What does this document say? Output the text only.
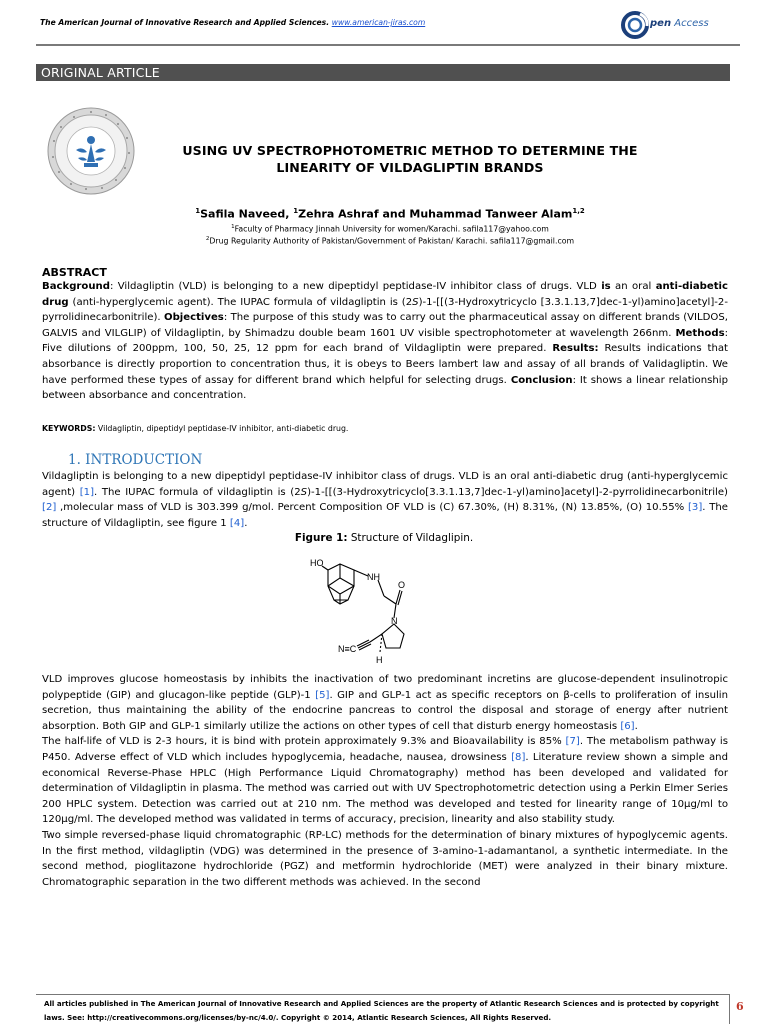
The American Journal of Innovative Research and Applied Sciences. www.american-jiras.com	pen Access
ORIGINAL ARTICLE
USING UV SPECTROPHOTOMETRIC METHOD TO DETERMINE THE
LINEARITY OF VILDAGLIPTIN BRANDS
$^1$Safila Naveed, $^1$Zehra Ashraf and Muhammad Tanweer Alam$^{1,2}$
$^1$Faculty of Pharmacy Jinnah University for women/Karachi. safila117@yahoo.com
$^2$Drug Regularity Authority of Pakistan/Government of Pakistan/ Karachi. safila117@gmail.com
ABSTRACT
Background: Vildagliptin (VLD) is belonging to a new dipeptidyl peptidase-IV inhibitor class of drugs. VLD is an oral anti-diabetic drug (anti-hyperglycemic agent). The IUPAC formula of vildagliptin is (2S)-1-[[(3-Hydroxytricyclo [3.3.1.13,7]dec-1-yl)amino]acetyl]-2-pyrrolidinecarbonitrile). Objectives: The purpose of this study was to carry out the pharmaceutical assay on different brands (VILDOS, GALVIS and VILGLIP) of Vildagliptin, by Shimadzu double beam 1601 UV visible spectrophotometer at wavelength 266nm. Methods: Five dilutions of 200ppm, 100, 50, 25, 12 ppm for each brand of Vildagliptin were prepared. Results: Results indications that absorbance is directly proportion to concentration thus, it is obeys to Beers lambert law and assay of all brands of Validagliptin. We have performed these types of assay for different brand which helpful for selecting drugs. Conclusion: It shows a linear relationship between absorbance and concentration.
KEYWORDS: Vildagliptin, dipeptidyl peptidase-IV inhibitor, anti-diabetic drug.
1. INTRODUCTION
Vildagliptin is belonging to a new dipeptidyl peptidase-IV inhibitor class of drugs. VLD is an oral anti-diabetic drug (anti-hyperglycemic agent) [1]. The IUPAC formula of vildagliptin is (2S)-1-[[(3-Hydroxytricyclo[3.3.1.13,7]dec-1-yl)amino]acetyl]-2-pyrrolidinecarbonitrile) [2] ,molecular mass of VLD is 303.399 g/mol. Percent Composition OF VLD is (C) 67.30%, (H) 8.31%, (N) 13.85%, (O) 10.55% [3]. The structure of Vildagliptin, see figure 1 [4].
Figure 1: Structure of Vildaglipin.
HO
NH
O
N
N≡C
H

VLD improves glucose homeostasis by inhibits the inactivation of two predominant incretins are glucose-dependent insulinotropic polypeptide (GIP) and glucagon-like peptide (GLP)-1 [5]. GIP and GLP-1 act as specific receptors on β-cells to proliferation of insulin secretion, thus maintaining the ability of the endocrine pancreas to control the disposal and storage of energy after nutrient absorption. Both GIP and GLP-1 similarly utilize the actions on other types of cell that disturb energy homeostasis [6].

The half-life of VLD is 2-3 hours, it is bind with protein approximately 9.3% and Bioavailability is 85% [7]. The metabolism pathway is P450. Adverse effect of VLD which includes hypoglycemia, headache, nausea, drowsiness [8]. Literature review shown a simple and economical Reverse-Phase HPLC (High Performance Liquid Chromatography) method has been developed and validated for determination of Vildagliptin in plasma. The method was carried out with UV Spectrophotometric detection using a Perkin Elmer Series 200 HPLC system. Detection was carried out at 210 nm. The method was developed and tested for linearity range of 10μg/ml to 120μg/ml. The developed method was validated in terms of accuracy, precision, linearity and also stability study.

Two simple reversed-phase liquid chromatographic (RP-LC) methods for the determination of binary mixtures of hypoglycemic agents. In the first method, vildagliptin (VDG) was determined in the presence of 3-amino-1-adamantanol, a synthetic intermediate. In the second method, pioglitazone hydrochloride (PGZ) and metformin hydrochloride (MET) were analyzed in their binary mixture. Chromatographic separation in the two different methods was achieved. In the second

All articles published in The American Journal of Innovative Research and Applied Sciences are the property of Atlantic Research Sciences and is protected by copyright laws. See: http://creativecommons.org/licenses/by-nc/4.0/. Copyright © 2014, Atlantic Research Sciences, All Rights Reserved.
6
